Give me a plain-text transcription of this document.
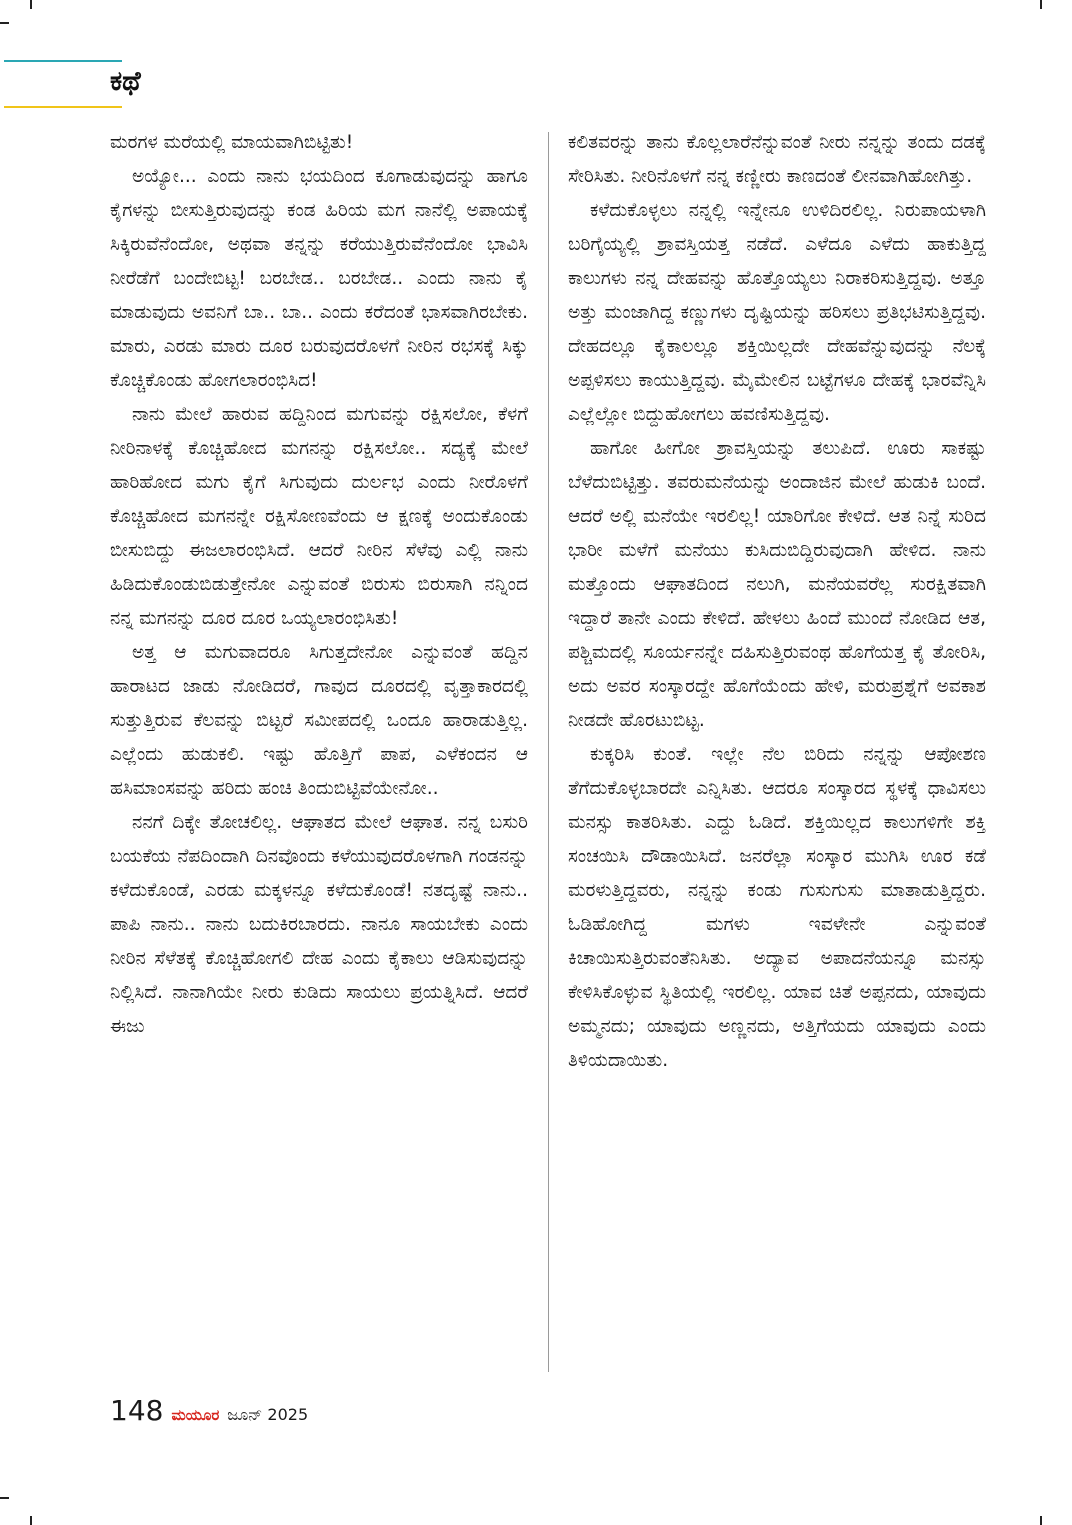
ಕಥೆ

ಮರಗಳ ಮರೆಯಲ್ಲಿ ಮಾಯವಾಗಿಬಿಟ್ಟಿತು!

ಅಯ್ಯೋ... ಎಂದು ನಾನು ಭಯದಿಂದ ಕೂಗಾಡುವುದನ್ನು ಹಾಗೂ ಕೈಗಳನ್ನು ಬೀಸುತ್ತಿರುವುದನ್ನು ಕಂಡ ಹಿರಿಯ ಮಗ ನಾನೆಲ್ಲಿ ಅಪಾಯಕ್ಕೆ ಸಿಕ್ಕಿರುವೆನೆಂದೋ, ಅಥವಾ ತನ್ನನ್ನು ಕರೆಯುತ್ತಿರುವೆನೆಂದೋ ಭಾವಿಸಿ ನೀರೆಡೆಗೆ ಬಂದೇಬಿಟ್ಟ! ಬರಬೇಡ.. ಬರಬೇಡ.. ಎಂದು ನಾನು ಕೈ ಮಾಡುವುದು ಅವನಿಗೆ ಬಾ.. ಬಾ.. ಎಂದು ಕರೆದಂತೆ ಭಾಸವಾಗಿರಬೇಕು. ಮಾರು, ಎರಡು ಮಾರು ದೂರ ಬರುವುದರೊಳಗೆ ನೀರಿನ ರಭಸಕ್ಕೆ ಸಿಕ್ಕು ಕೊಚ್ಚಿಕೊಂಡು ಹೋಗಲಾರಂಭಿಸಿದ!

ನಾನು ಮೇಲೆ ಹಾರುವ ಹದ್ದಿನಿಂದ ಮಗುವನ್ನು ರಕ್ಷಿಸಲೋ, ಕೆಳಗೆ ನೀರಿನಾಳಕ್ಕೆ ಕೊಚ್ಚಿಹೋದ ಮಗನನ್ನು ರಕ್ಷಿಸಲೋ.. ಸದ್ಯಕ್ಕೆ ಮೇಲೆ ಹಾರಿಹೋದ ಮಗು ಕೈಗೆ ಸಿಗುವುದು ದುರ್ಲಭ ಎಂದು ನೀರೊಳಗೆ ಕೊಚ್ಚಿಹೋದ ಮಗನನ್ನೇ ರಕ್ಷಿಸೋಣವೆಂದು ಆ ಕ್ಷಣಕ್ಕೆ ಅಂದುಕೊಂಡು ಬೀಸುಬಿದ್ದು ಈಜಲಾರಂಭಿಸಿದೆ. ಆದರೆ ನೀರಿನ ಸೆಳೆವು ಎಲ್ಲಿ ನಾನು ಹಿಡಿದುಕೊಂಡುಬಿಡುತ್ತೇನೋ ಎನ್ನುವಂತೆ ಬಿರುಸು ಬಿರುಸಾಗಿ ನನ್ನಿಂದ ನನ್ನ ಮಗನನ್ನು ದೂರ ದೂರ ಒಯ್ಯಲಾರಂಭಿಸಿತು!

ಅತ್ತ ಆ ಮಗುವಾದರೂ ಸಿಗುತ್ತದೇನೋ ಎನ್ನುವಂತೆ ಹದ್ದಿನ ಹಾರಾಟದ ಜಾಡು ನೋಡಿದರೆ, ಗಾವುದ ದೂರದಲ್ಲಿ ವೃತ್ತಾಕಾರದಲ್ಲಿ ಸುತ್ತುತ್ತಿರುವ ಕೆಲವನ್ನು ಬಿಟ್ಟರೆ ಸಮೀಪದಲ್ಲಿ ಒಂದೂ ಹಾರಾಡುತ್ತಿಲ್ಲ. ಎಲ್ಲೆಂದು ಹುಡುಕಲಿ. ಇಷ್ಟು ಹೊತ್ತಿಗೆ ಪಾಪ, ಎಳೆಕಂದನ ಆ ಹಸಿಮಾಂಸವನ್ನು ಹರಿದು ಹಂಚಿ ತಿಂದುಬಿಟ್ಟಿವೆಯೇನೋ..

ನನಗೆ ದಿಕ್ಕೇ ತೋಚಲಿಲ್ಲ. ಆಘಾತದ ಮೇಲೆ ಆಘಾತ. ನನ್ನ ಬಸುರಿ ಬಯಕೆಯ ನೆಪದಿಂದಾಗಿ ದಿನವೊಂದು ಕಳೆಯುವುದರೊಳಗಾಗಿ ಗಂಡನನ್ನು ಕಳೆದುಕೊಂಡೆ, ಎರಡು ಮಕ್ಕಳನ್ನೂ ಕಳೆದುಕೊಂಡೆ! ನತದೃಷ್ಟೆ ನಾನು.. ಪಾಪಿ ನಾನು.. ನಾನು ಬದುಕಿರಬಾರದು. ನಾನೂ ಸಾಯಬೇಕು ಎಂದು ನೀರಿನ ಸೆಳೆತಕ್ಕೆ ಕೊಚ್ಚಿಹೋಗಲಿ ದೇಹ ಎಂದು ಕೈಕಾಲು ಆಡಿಸುವುದನ್ನು ನಿಲ್ಲಿಸಿದೆ. ನಾನಾಗಿಯೇ ನೀರು ಕುಡಿದು ಸಾಯಲು ಪ್ರಯತ್ನಿಸಿದೆ. ಆದರೆ ಈಜು

ಕಲಿತವರನ್ನು ತಾನು ಕೊಲ್ಲಲಾರೆನೆನ್ನುವಂತೆ ನೀರು ನನ್ನನ್ನು ತಂದು ದಡಕ್ಕೆ ಸೇರಿಸಿತು. ನೀರಿನೊಳಗೆ ನನ್ನ ಕಣ್ಣೀರು ಕಾಣದಂತೆ ಲೀನವಾಗಿಹೋಗಿತ್ತು.

ಕಳೆದುಕೊಳ್ಳಲು ನನ್ನಲ್ಲಿ ಇನ್ನೇನೂ ಉಳಿದಿರಲಿಲ್ಲ. ನಿರುಪಾಯಳಾಗಿ ಬರಿಗೈಯ್ಯಲ್ಲಿ ಶ್ರಾವಸ್ತಿಯತ್ತ ನಡೆದೆ. ಎಳೆದೂ ಎಳೆದು ಹಾಕುತ್ತಿದ್ದ ಕಾಲುಗಳು ನನ್ನ ದೇಹವನ್ನು ಹೊತ್ತೊಯ್ಯಲು ನಿರಾಕರಿಸುತ್ತಿದ್ದವು. ಅತ್ತೂ ಅತ್ತು ಮಂಜಾಗಿದ್ದ ಕಣ್ಣುಗಳು ದೃಷ್ಟಿಯನ್ನು ಹರಿಸಲು ಪ್ರತಿಭಟಿಸುತ್ತಿದ್ದವು. ದೇಹದಲ್ಲೂ ಕೈಕಾಲಲ್ಲೂ ಶಕ್ತಿಯಿಲ್ಲದೇ ದೇಹವೆನ್ನುವುದನ್ನು ನೆಲಕ್ಕೆ ಅಪ್ಪಳಿಸಲು ಕಾಯುತ್ತಿದ್ದವು. ಮೈಮೇಲಿನ ಬಟ್ಟೆಗಳೂ ದೇಹಕ್ಕೆ ಭಾರವೆನ್ನಿಸಿ ಎಲ್ಲೆಲ್ಲೋ ಬಿದ್ದುಹೋಗಲು ಹವಣಿಸುತ್ತಿದ್ದವು.

ಹಾಗೋ ಹೀಗೋ ಶ್ರಾವಸ್ತಿಯನ್ನು ತಲುಪಿದೆ. ಊರು ಸಾಕಷ್ಟು ಬೆಳೆದುಬಿಟ್ಟಿತ್ತು. ತವರುಮನೆಯನ್ನು ಅಂದಾಜಿನ ಮೇಲೆ ಹುಡುಕಿ ಬಂದೆ. ಆದರೆ ಅಲ್ಲಿ ಮನೆಯೇ ಇರಲಿಲ್ಲ! ಯಾರಿಗೋ ಕೇಳಿದೆ. ಆತ ನಿನ್ನೆ ಸುರಿದ ಭಾರೀ ಮಳೆಗೆ ಮನೆಯು ಕುಸಿದುಬಿದ್ದಿರುವುದಾಗಿ ಹೇಳಿದ. ನಾನು ಮತ್ತೊಂದು ಆಘಾತದಿಂದ ನಲುಗಿ, ಮನೆಯವರೆಲ್ಲ ಸುರಕ್ಷಿತವಾಗಿ ಇದ್ದಾರೆ ತಾನೇ ಎಂದು ಕೇಳಿದೆ. ಹೇಳಲು ಹಿಂದೆ ಮುಂದೆ ನೋಡಿದ ಆತ, ಪಶ್ಚಿಮದಲ್ಲಿ ಸೂರ್ಯನನ್ನೇ ದಹಿಸುತ್ತಿರುವಂಥ ಹೊಗೆಯತ್ತ ಕೈ ತೋರಿಸಿ, ಅದು ಅವರ ಸಂಸ್ಕಾರದ್ದೇ ಹೊಗೆಯೆಂದು ಹೇಳಿ, ಮರುಪ್ರಶ್ನೆಗೆ ಅವಕಾಶ ನೀಡದೇ ಹೊರಟುಬಿಟ್ಟ.

ಕುಕ್ಕರಿಸಿ ಕುಂತೆ. ಇಲ್ಲೇ ನೆಲ ಬಿರಿದು ನನ್ನನ್ನು ಆಪೋಶಣ ತೆಗೆದುಕೊಳ್ಳಬಾರದೇ ಎನ್ನಿಸಿತು. ಆದರೂ ಸಂಸ್ಕಾರದ ಸ್ಥಳಕ್ಕೆ ಧಾವಿಸಲು ಮನಸ್ಸು ಕಾತರಿಸಿತು. ಎದ್ದು ಓಡಿದೆ. ಶಕ್ತಿಯಿಲ್ಲದ ಕಾಲುಗಳಿಗೇ ಶಕ್ತಿ ಸಂಚಯಿಸಿ ದೌಡಾಯಿಸಿದೆ. ಜನರೆಲ್ಲಾ ಸಂಸ್ಕಾರ ಮುಗಿಸಿ ಊರ ಕಡೆ ಮರಳುತ್ತಿದ್ದವರು, ನನ್ನನ್ನು ಕಂಡು ಗುಸುಗುಸು ಮಾತಾಡುತ್ತಿದ್ದರು. ಓಡಿಹೋಗಿದ್ದ ಮಗಳು ಇವಳೇನೇ ಎನ್ನುವಂತೆ ಕಿಚಾಯಿಸುತ್ತಿರುವಂತೆನಿಸಿತು. ಅದ್ಯಾವ ಅಪಾದನೆಯನ್ನೂ ಮನಸ್ಸು ಕೇಳಿಸಿಕೊಳ್ಳುವ ಸ್ಥಿತಿಯಲ್ಲಿ ಇರಲಿಲ್ಲ. ಯಾವ ಚಿತೆ ಅಪ್ಪನದು, ಯಾವುದು ಅಮ್ಮನದು; ಯಾವುದು ಅಣ್ಣನದು, ಅತ್ತಿಗೆಯದು ಯಾವುದು ಎಂದು ತಿಳಿಯದಾಯಿತು.

148 ಮಯೂರ ಜೂನ್ 2025
